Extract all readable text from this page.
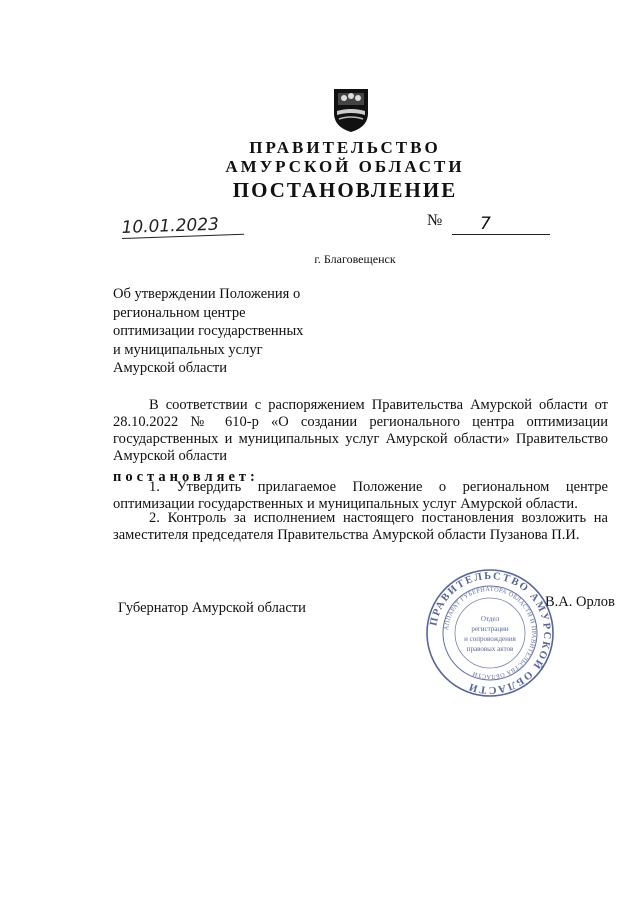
ПРАВИТЕЛЬСТВО
АМУРСКОЙ ОБЛАСТИ
ПОСТАНОВЛЕНИЕ
10.01.2023	№	7
г. Благовещенск
Об утверждении Положения о
региональном центре
оптимизации государственных
и муниципальных услуг
Амурской области
В соответствии с распоряжением Правительства Амурской области от 28.10.2022 № 610-р «О создании регионального центра оптимизации государственных и муниципальных услуг Амурской области» Правительство Амурской области
постановляет:
1. Утвердить прилагаемое Положение о региональном центре оптимизации государственных и муниципальных услуг Амурской области.
2. Контроль за исполнением настоящего постановления возложить на заместителя председателя Правительства Амурской области Пузанова П.И.
Губернатор Амурской области	В.А. Орлов
ПРАВИТЕЛЬСТВО АМУРСКОЙ ОБЛАСТИ
АППАРАТ ГУБЕРНАТОРА ОБЛАСТИ И ПРАВИТЕЛЬСТВА ОБЛАСТИ
Отдел
регистрации
и сопровождения
правовых актов
